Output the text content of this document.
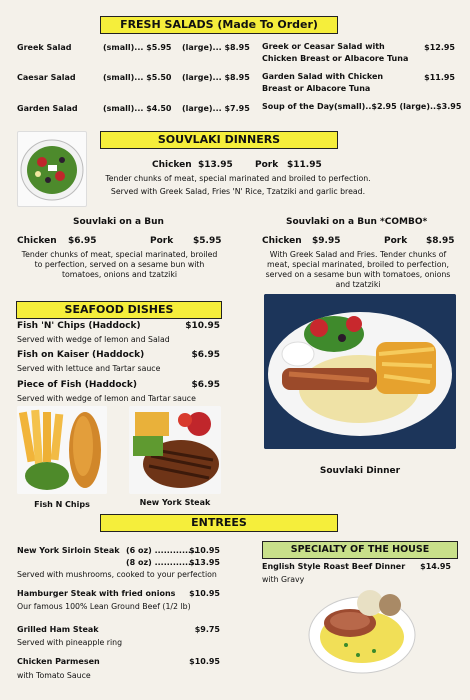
FRESH SALADS (Made To Order)
Greek Salad	(small)... $5.95 (large)... $8.95
Caesar Salad	(small)... $5.50 (large)... $8.95
Garden Salad	(small)... $4.50 (large)... $7.95
Greek or Ceasar Salad with Chicken Breast or Albacore Tuna
$12.95
Garden Salad with Chicken Breast or Albacore Tuna
$11.95
Soup of the Day (small)..$2.95 (large)..$3.95
SOUVLAKI DINNERS
Chicken $13.95 Pork $11.95
Tender chunks of meat, special marinated and broiled to perfection.
Served with Greek Salad, Fries 'N' Rice, Tzatziki and garlic bread.
Souvlaki on a Bun
Chicken $6.95	Pork $5.95
Tender chunks of meat, special marinated, broiled to perfection, served on a sesame bun with tomatoes, onions and tzatziki
Souvlaki on a Bun *COMBO*
Chicken $9.95	Pork $8.95
With Greek Salad and Fries. Tender chunks of meat, special marinated, broiled to perfection, served on a sesame bun with tomatoes, onions and tzatziki
Souvlaki Dinner
SEAFOOD DISHES
Fish 'N' Chips (Haddock)	$10.95
Served with wedge of lemon and Salad
Fish on Kaiser (Haddock)	$6.95
Served with lettuce and Tartar sauce
Piece of Fish (Haddock)	$6.95
Served with wedge of lemon and Tartar sauce
Fish N Chips	New York Steak
ENTREES
New York Sirloin Steak (6 oz) ..............
$10.95
(8 oz) ..............
$13.95
Served with mushrooms, cooked to your perfection
Hamburger Steak with fried onions	$10.95
Our famous 100% Lean Ground Beef (1/2 lb)
Grilled Ham Steak	$9.75
Served with pineapple ring
Chicken Parmesen	$10.95
with Tomato Sauce
SPECIALTY OF THE HOUSE
English Style Roast Beef Dinner	$14.95
with Gravy
